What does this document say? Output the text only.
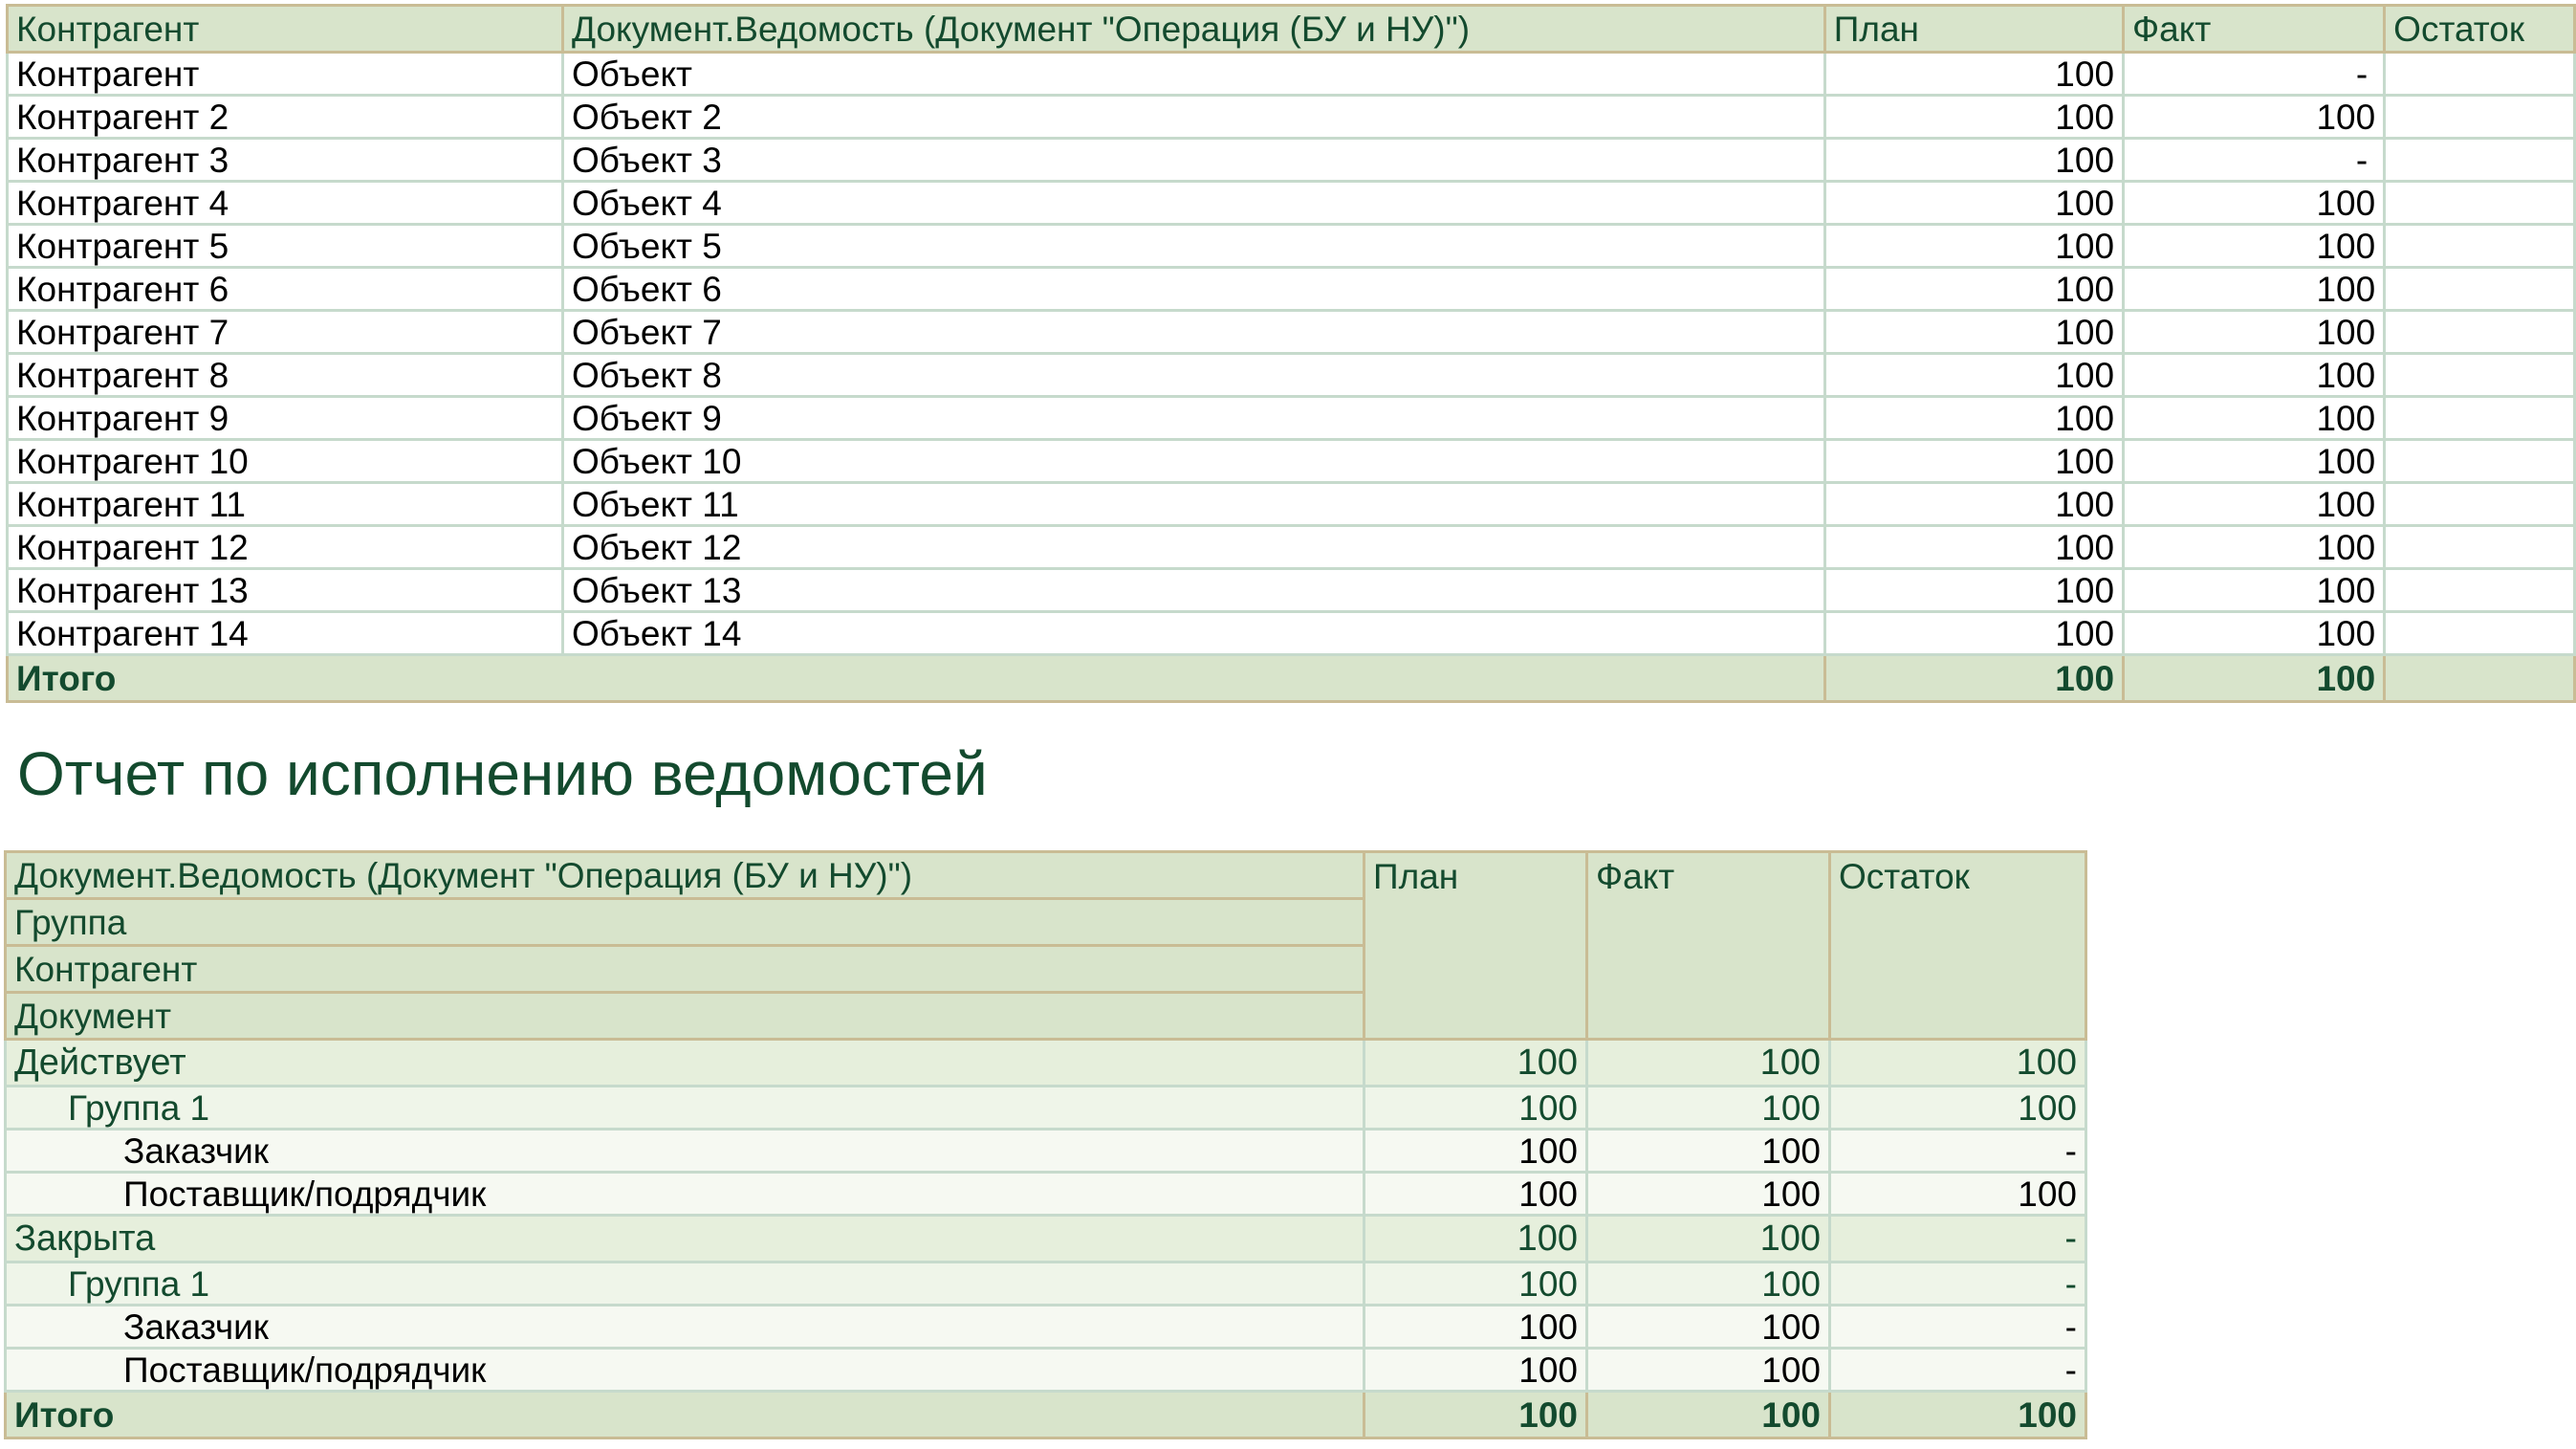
Контрагент	Документ.Ведомость (Документ "Операция (БУ и НУ)")	План	Факт	Остаток
Контрагент	Объект	100	-	
Контрагент 2	Объект 2	100	100	
Контрагент 3	Объект 3	100	-	
Контрагент 4	Объект 4	100	100	
Контрагент 5	Объект 5	100	100	
Контрагент 6	Объект 6	100	100	
Контрагент 7	Объект 7	100	100	
Контрагент 8	Объект 8	100	100	
Контрагент 9	Объект 9	100	100	
Контрагент 10	Объект 10	100	100	
Контрагент 11	Объект 11	100	100	
Контрагент 12	Объект 12	100	100	
Контрагент 13	Объект 13	100	100	
Контрагент 14	Объект 14	100	100	
Итого		100	100	
Отчет по исполнению ведомостей
Документ.Ведомость (Документ "Операция (БУ и НУ)")	План	Факт	Остаток
Группа			
Контрагент			
Документ			
Действует	100	100	100
Группа 1	100	100	100
Заказчик	100	100	-
Поставщик/подрядчик	100	100	100
Закрыта	100	100	-
Группа 1	100	100	-
Заказчик	100	100	-
Поставщик/подрядчик	100	100	-
Итого	100	100	100
